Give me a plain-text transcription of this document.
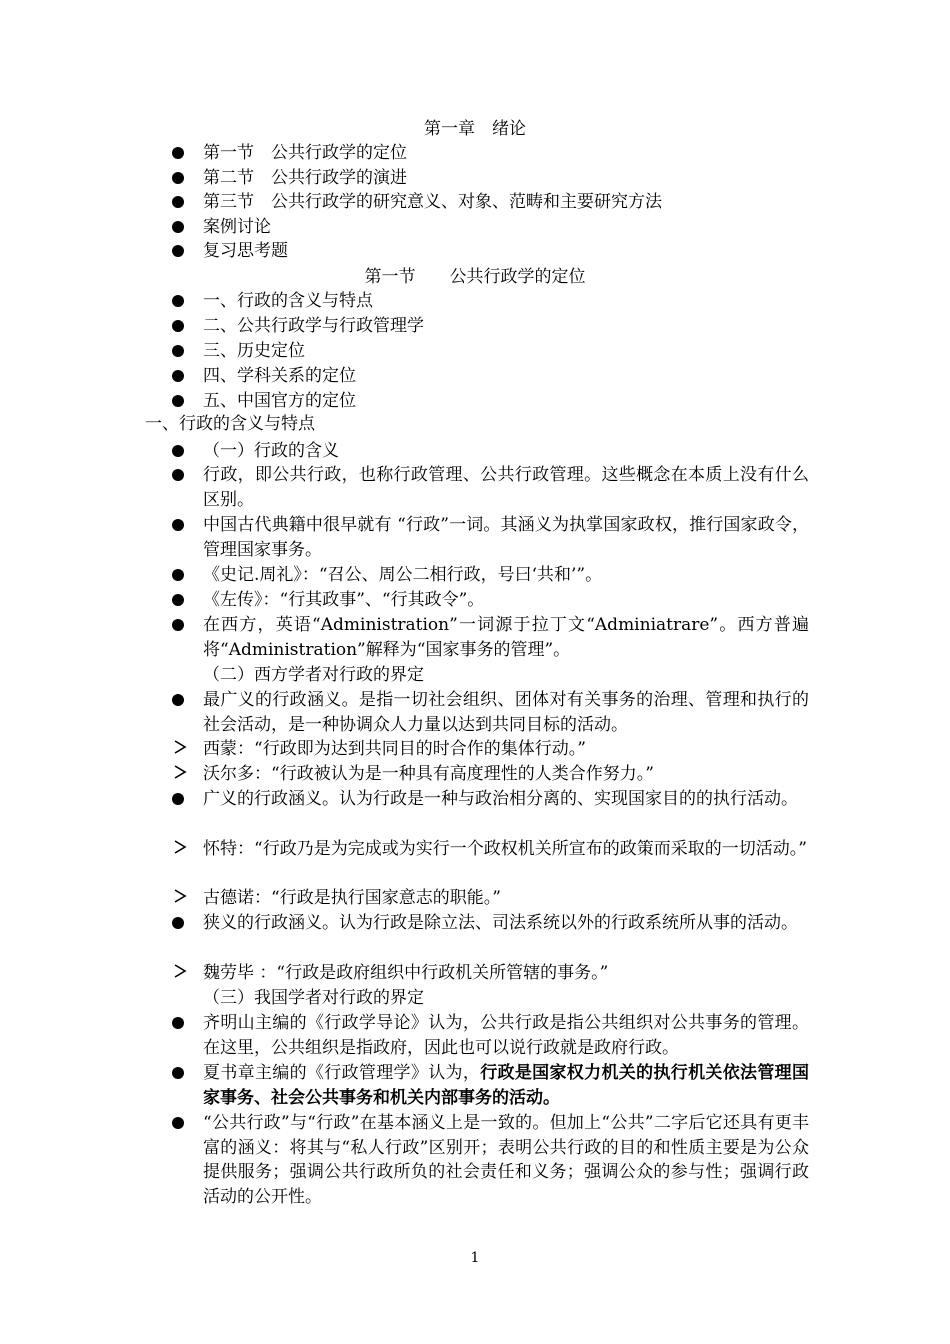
第一章　绪论
第一节　公共行政学的定位
第二节　公共行政学的演进
第三节　公共行政学的研究意义、对象、范畴和主要研究方法
案例讨论
复习思考题
第一节　　公共行政学的定位
一、行政的含义与特点
二、公共行政学与行政管理学
三、历史定位
四、学科关系的定位
五、中国官方的定位
一、行政的含义与特点
（一）行政的含义
行政，即公共行政，也称行政管理、公共行政管理。这些概念在本质上没有什么区别。
中国古代典籍中很早就有 “行政”一词。其涵义为执掌国家政权，推行国家政令，管理国家事务。
《史记.周礼》：“召公、周公二相行政，号曰‘共和’”。
《左传》：“行其政事”、“行其政令”。
在西方，英语“Administration”一词源于拉丁文“Adminiatrare”。西方普遍将“Administration”解释为“国家事务的管理”。
（二）西方学者对行政的界定
最广义的行政涵义。是指一切社会组织、团体对有关事务的治理、管理和执行的社会活动，是一种协调众人力量以达到共同目标的活动。
西蒙：“行政即为达到共同目的时合作的集体行动。”
沃尔多：“行政被认为是一种具有高度理性的人类合作努力。”
广义的行政涵义。认为行政是一种与政治相分离的、实现国家目的的执行活动。
怀特：“行政乃是为完成或为实行一个政权机关所宣布的政策而采取的一切活动。”
古德诺：“行政是执行国家意志的职能。”
狭义的行政涵义。认为行政是除立法、司法系统以外的行政系统所从事的活动。
魏劳毕 ：“行政是政府组织中行政机关所管辖的事务。”
（三）我国学者对行政的界定
齐明山主编的《行政学导论》认为，公共行政是指公共组织对公共事务的管理。在这里，公共组织是指政府，因此也可以说行政就是政府行政。
夏书章主编的《行政管理学》认为，行政是国家权力机关的执行机关依法管理国家事务、社会公共事务和机关内部事务的活动。
“公共行政”与“行政”在基本涵义上是一致的。但加上“公共”二字后它还具有更丰富的涵义：将其与“私人行政”区别开；表明公共行政的目的和性质主要是为公众提供服务；强调公共行政所负的社会责任和义务；强调公众的参与性；强调行政活动的公开性。
1
